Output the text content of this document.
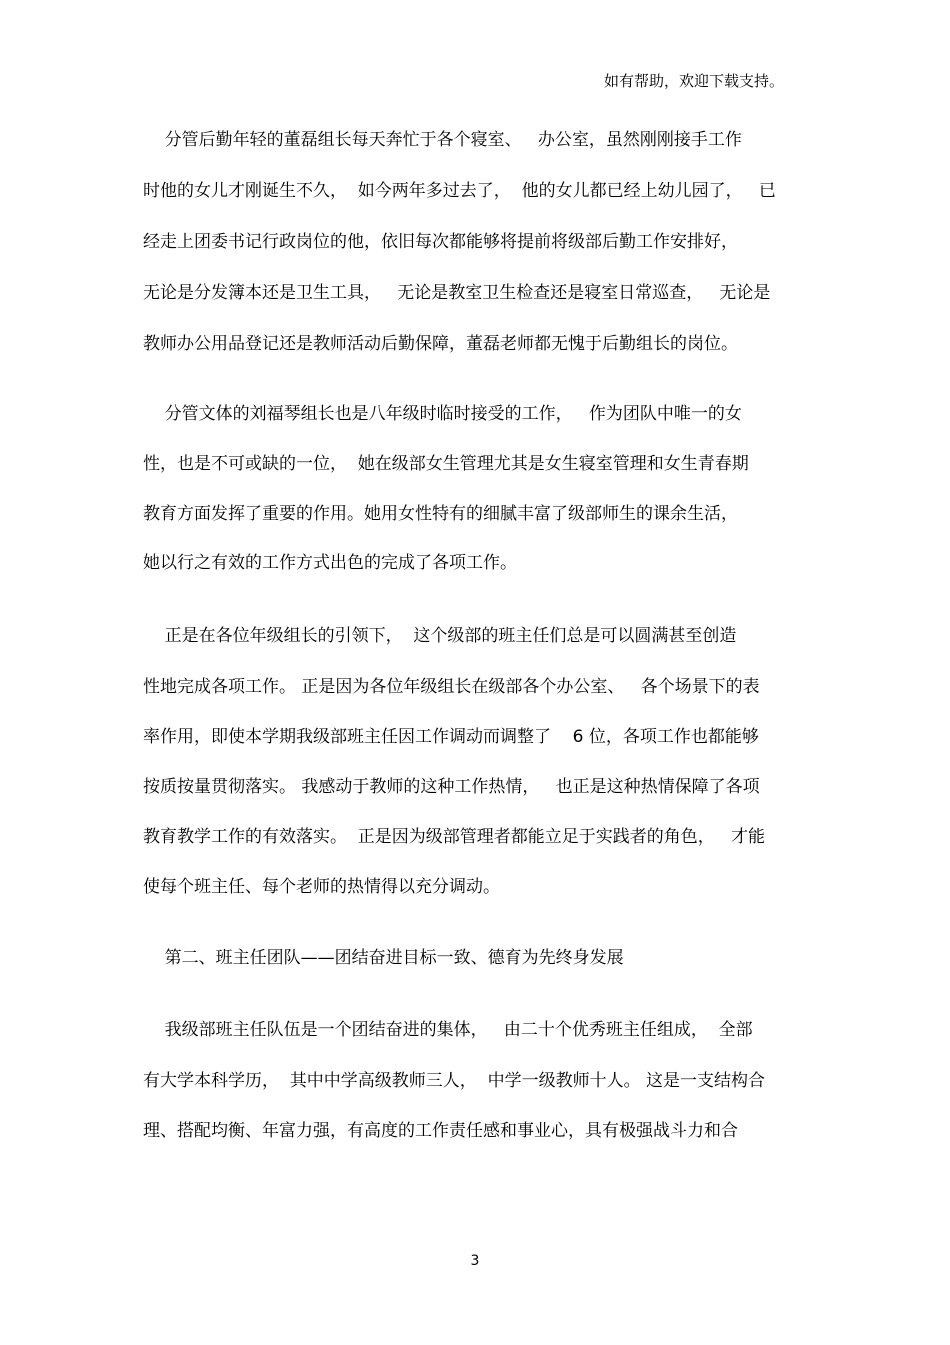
如有帮助，欢迎下载支持。
分管后勤年轻的董磊组长每天奔忙于各个寝室、   办公室，虽然刚刚接手工作
时他的女儿才刚诞生不久，  如今两年多过去了，  他的女儿都已经上幼儿园了，   已
经走上团委书记行政岗位的他，依旧每次都能够将提前将级部后勤工作安排好，
无论是分发簿本还是卫生工具，   无论是教室卫生检查还是寝室日常巡查，   无论是
教师办公用品登记还是教师活动后勤保障，董磊老师都无愧于后勤组长的岗位。
分管文体的刘福琴组长也是八年级时临时接受的工作，   作为团队中唯一的女
性，也是不可或缺的一位，  她在级部女生管理尤其是女生寝室管理和女生青春期
教育方面发挥了重要的作用。她用女性特有的细腻丰富了级部师生的课余生活，
她以行之有效的工作方式出色的完成了各项工作。
正是在各位年级组长的引领下，  这个级部的班主任们总是可以圆满甚至创造
性地完成各项工作。 正是因为各位年级组长在级部各个办公室、   各个场景下的表
率作用，即使本学期我级部班主任因工作调动而调整了    6 位，各项工作也都能够
按质按量贯彻落实。 我感动于教师的这种工作热情，   也正是这种热情保障了各项
教育教学工作的有效落实。  正是因为级部管理者都能立足于实践者的角色，   才能
使每个班主任、每个老师的热情得以充分调动。
第二、班主任团队——团结奋进目标一致、德育为先终身发展
我级部班主任队伍是一个团结奋进的集体，   由二十个优秀班主任组成，  全部
有大学本科学历，  其中中学高级教师三人，  中学一级教师十人。 这是一支结构合
理、搭配均衡、年富力强，有高度的工作责任感和事业心，具有极强战斗力和合
3
